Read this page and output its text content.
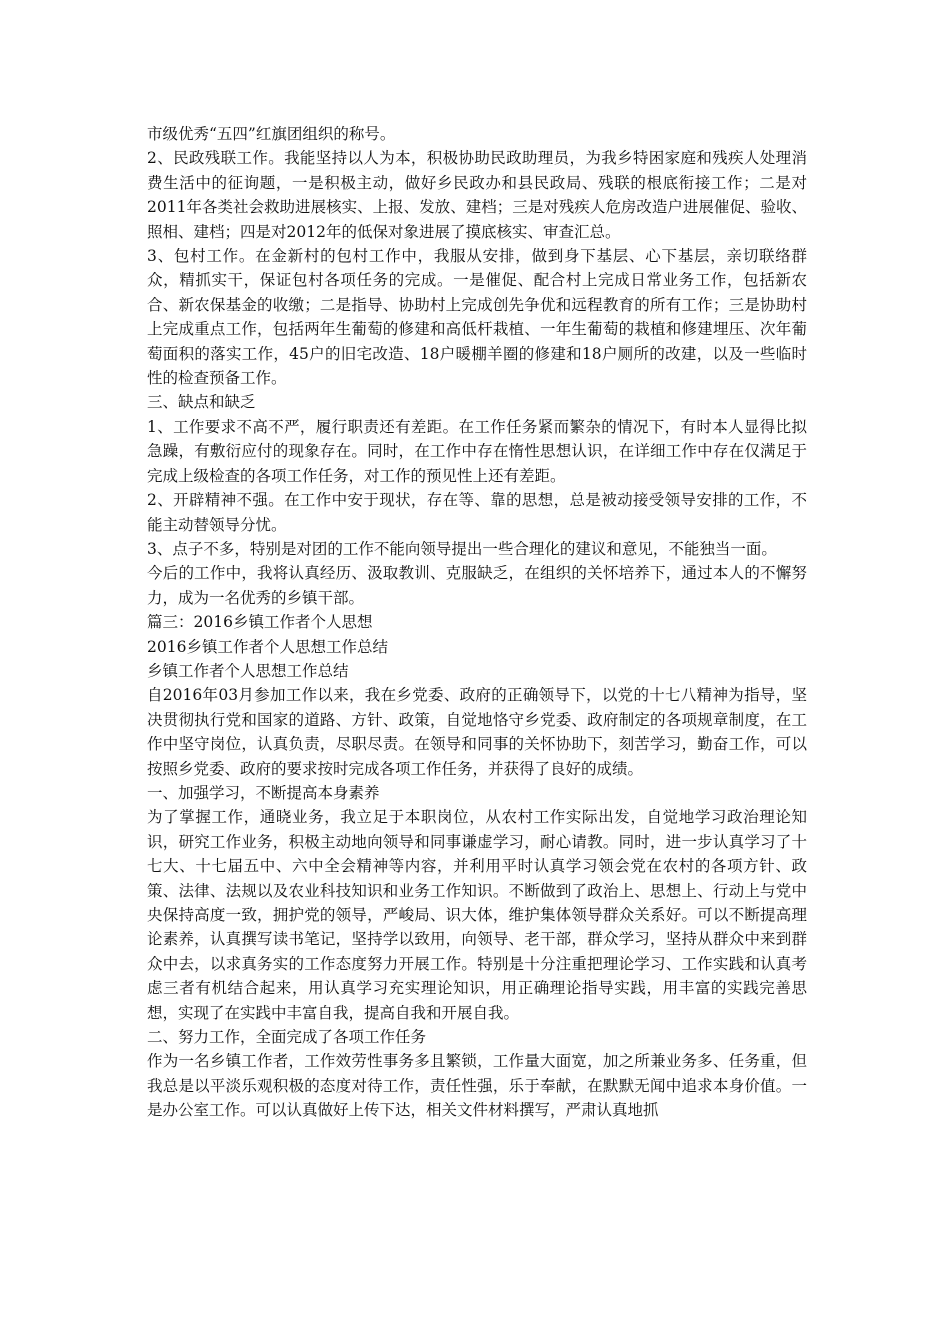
市级优秀“五四”红旗团组织的称号。

2、民政残联工作。我能坚持以人为本，积极协助民政助理员，为我乡特困家庭和残疾人处理消费生活中的征询题，一是积极主动，做好乡民政办和县民政局、残联的根底衔接工作；二是对2011年各类社会救助进展核实、上报、发放、建档；三是对残疾人危房改造户进展催促、验收、照相、建档；四是对2012年的低保对象进展了摸底核实、审查汇总。

3、包村工作。在金新村的包村工作中，我服从安排，做到身下基层、心下基层，亲切联络群众，精抓实干，保证包村各项任务的完成。一是催促、配合村上完成日常业务工作，包括新农合、新农保基金的收缴；二是指导、协助村上完成创先争优和远程教育的所有工作；三是协助村上完成重点工作，包括两年生葡萄的修建和高低杆栽植、一年生葡萄的栽植和修建埋压、次年葡萄面积的落实工作，45户的旧宅改造、18户暖棚羊圈的修建和18户厕所的改建，以及一些临时性的检查预备工作。

三、缺点和缺乏

1、工作要求不高不严，履行职责还有差距。在工作任务紧而繁杂的情况下，有时本人显得比拟急躁，有敷衍应付的现象存在。同时，在工作中存在惰性思想认识，在详细工作中存在仅满足于完成上级检查的各项工作任务，对工作的预见性上还有差距。

2、开辟精神不强。在工作中安于现状，存在等、靠的思想，总是被动接受领导安排的工作，不能主动替领导分忧。

3、点子不多，特别是对团的工作不能向领导提出一些合理化的建议和意见，不能独当一面。

今后的工作中，我将认真经历、汲取教训、克服缺乏，在组织的关怀培养下，通过本人的不懈努力，成为一名优秀的乡镇干部。

篇三：2016乡镇工作者个人思想

2016乡镇工作者个人思想工作总结

乡镇工作者个人思想工作总结

自2016年03月参加工作以来，我在乡党委、政府的正确领导下，以党的十七八精神为指导，坚决贯彻执行党和国家的道路、方针、政策，自觉地恪守乡党委、政府制定的各项规章制度，在工作中坚守岗位，认真负责，尽职尽责。在领导和同事的关怀协助下，刻苦学习，勤奋工作，可以按照乡党委、政府的要求按时完成各项工作任务，并获得了良好的成绩。

一、加强学习，不断提高本身素养

为了掌握工作，通晓业务，我立足于本职岗位，从农村工作实际出发，自觉地学习政治理论知识，研究工作业务，积极主动地向领导和同事谦虚学习，耐心请教。同时，进一步认真学习了十七大、十七届五中、六中全会精神等内容，并利用平时认真学习领会党在农村的各项方针、政策、法律、法规以及农业科技知识和业务工作知识。不断做到了政治上、思想上、行动上与党中央保持高度一致，拥护党的领导，严峻局、识大体，维护集体领导群众关系好。可以不断提高理论素养，认真撰写读书笔记，坚持学以致用，向领导、老干部，群众学习，坚持从群众中来到群众中去，以求真务实的工作态度努力开展工作。特别是十分注重把理论学习、工作实践和认真考虑三者有机结合起来，用认真学习充实理论知识，用正确理论指导实践，用丰富的实践完善思想，实现了在实践中丰富自我，提高自我和开展自我。

二、努力工作，全面完成了各项工作任务

作为一名乡镇工作者，工作效劳性事务多且繁锁，工作量大面宽，加之所兼业务多、任务重，但我总是以平淡乐观积极的态度对待工作，责任性强，乐于奉献，在默默无闻中追求本身价值。一是办公室工作。可以认真做好上传下达，相关文件材料撰写，严肃认真地抓
